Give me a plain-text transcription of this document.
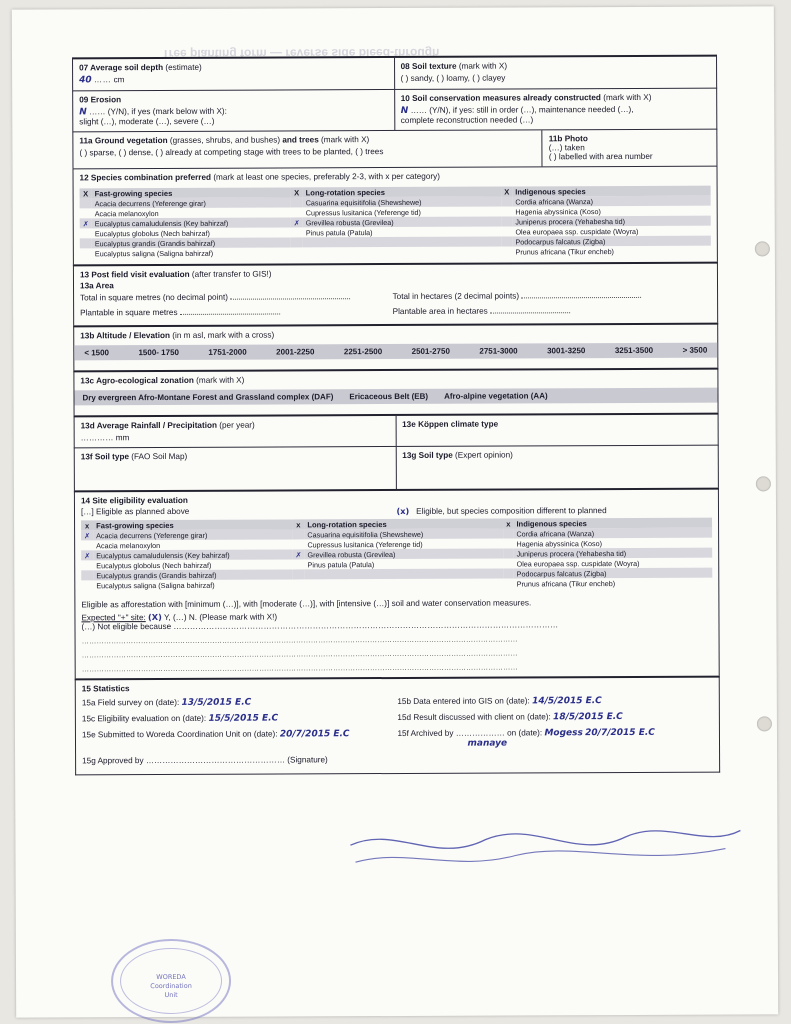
Tree planting form — reverse side bleed-through
07 Average soil depth (estimate)
40 …… cm
08 Soil texture (mark with X)
( ) sandy, ( ) loamy, ( ) clayey
09 Erosion
N …… (Y/N), if yes (mark below with X):
slight (…), moderate (…), severe (…)
10 Soil conservation measures already constructed (mark with X)
N …… (Y/N), if yes: still in order (…), maintenance needed (…),
complete reconstruction needed (…)
11a Ground vegetation (grasses, shrubs, and bushes) and trees (mark with X)
( ) sparse, ( ) dense, ( ) already at competing stage with trees to be planted, ( ) trees
11b Photo
(…) taken
( ) labelled with area number
12 Species combination preferred (mark at least one species, preferably 2-3, with x per category)
X	Fast-growing species	X	Long-rotation species	X	Indigenous species
	Acacia decurrens (Yeferenge girar)		Casuarina equisitifolia (Shewshewe)		Cordia africana (Wanza)
	Acacia melanoxylon		Cupressus lusitanica (Yeferenge tid)		Hagenia abyssinica (Koso)
✗	Eucalyptus camaludulensis (Key bahirzaf)	✗	Grevillea robusta (Grevilea)		Juniperus procera (Yehabesha tid)
	Eucalyptus globolus (Nech bahirzaf)		Pinus patula (Patula)		Olea europaea ssp. cuspidate (Woyra)
	Eucalyptus grandis (Grandis bahirzaf)				Podocarpus falcatus (Zigba)
	Eucalyptus saligna (Saligna bahirzaf)				Prunus africana (Tikur encheb)
13 Post field visit evaluation (after transfer to GIS!)
13a Area
Total in square metres (no decimal point)	Total in hectares (2 decimal points)
Plantable in square metres	Plantable area in hectares
13b Altitude / Elevation (in m asl, mark with a cross)
< 1500	1500- 1750	1751-2000	2001-2250	2251-2500	2501-2750	2751-3000	3001-3250	3251-3500	> 3500
13c Agro-ecological zonation (mark with X)
Dry evergreen Afro-Montane Forest and Grassland complex (DAF) Ericaceous Belt (EB) Afro-alpine vegetation (AA)
13d Average Rainfall / Precipitation (per year)
………… mm
13e Köppen climate type

13f Soil type (FAO Soil Map)
	13g Soil type (Expert opinion)

14 Site eligibility evaluation
[…] Eligible as planned above	(x) Eligible, but species composition different to planned
x	Fast-growing species	x	Long-rotation species	x	Indigenous species
✗	Acacia decurrens (Yeferenge girar)		Casuarina equisitifolia (Shewshewe)		Cordia africana (Wanza)
	Acacia melanoxylon		Cupressus lusitanica (Yeferenge tid)		Hagenia abyssinica (Koso)
✗	Eucalyptus camaludulensis (Key bahirzaf)	✗	Grevillea robusta (Grevilea)		Juniperus procera (Yehabesha tid)
	Eucalyptus globolus (Nech bahirzaf)		Pinus patula (Patula)		Olea europaea ssp. cuspidate (Woyra)
	Eucalyptus grandis (Grandis bahirzaf)				Podocarpus falcatus (Zigba)
	Eucalyptus saligna (Saligna bahirzaf)				Prunus africana (Tikur encheb)
Eligible as afforestation with [minimum (…)], with [moderate (…)], with [intensive (…)] soil and water conservation measures.
Expected "+" site: (X) Y, (…) N. (Please mark with X!)
(…) Not eligible because ……………………………………………………………………………………………………………………………
……………………………………………………………………………………………………………………………………………………………
……………………………………………………………………………………………………………………………………………………………
……………………………………………………………………………………………………………………………………………………………
15 Statistics
15a Field survey on (date): 13/5/2015 E.C	15b Data entered into GIS on (date): 14/5/2015 E.C
15c Eligibility evaluation on (date): 15/5/2015 E.C	15d Result discussed with client on (date): 18/5/2015 E.C
15e Submitted to Woreda Coordination Unit on (date): 20/7/2015 E.C	15f Archived by ……………… on (date): Mogess 20/7/2015 E.C
manaye
15g Approved by …………………………………………… (Signature)
WOREDA
Coordination
Unit
